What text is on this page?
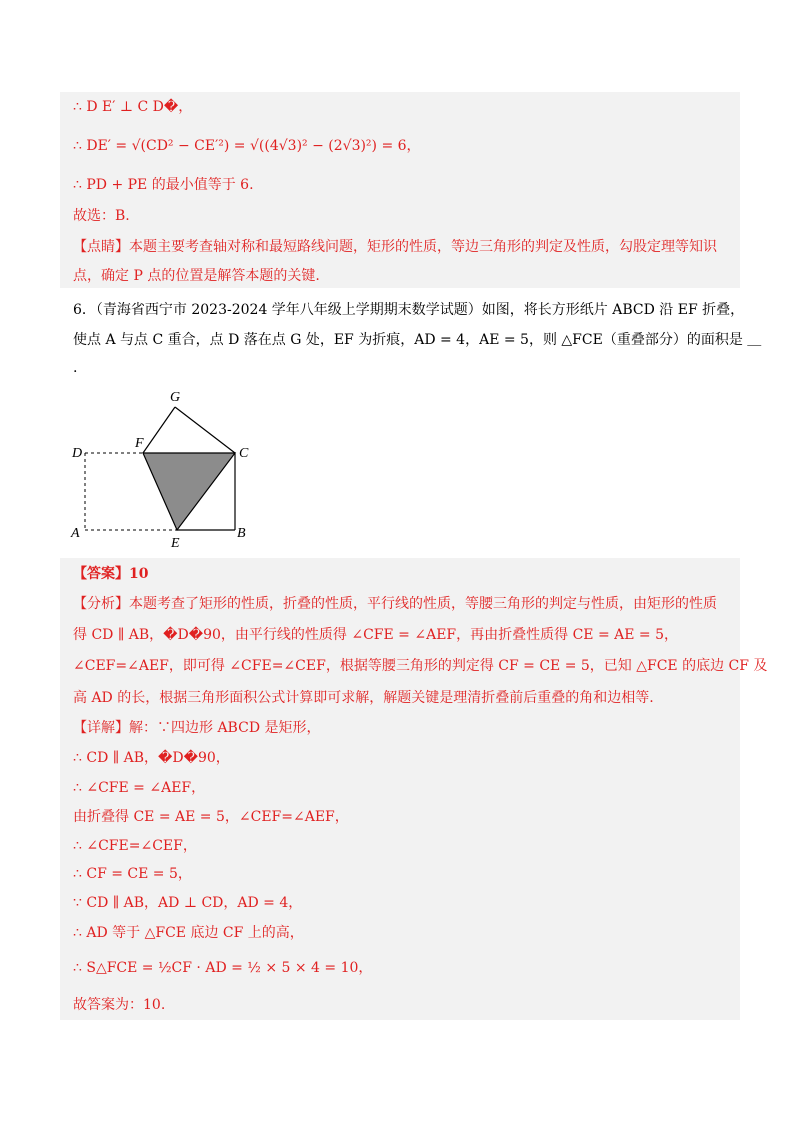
∴ D E′ ⊥ C D�，
∴ DE′ = √(CD² − CE′²) = √((4√3)² − (2√3)²) = 6，
∴ PD + PE 的最小值等于 6.
故选：B.
【点睛】本题主要考查轴对称和最短路线问题，矩形的性质，等边三角形的判定及性质，勾股定理等知识
点，确定 P 点的位置是解答本题的关键.
6．（青海省西宁市 2023-2024 学年八年级上学期期末数学试题）如图，将长方形纸片 ABCD 沿 EF 折叠，
使点 A 与点 C 重合，点 D 落在点 G 处，EF 为折痕，AD = 4，AE = 5，则 △FCE（重叠部分）的面积是 ＿
.
G
D
F
C
A
E
B
【答案】10
【分析】本题考查了矩形的性质，折叠的性质，平行线的性质，等腰三角形的判定与性质，由矩形的性质
得 CD ∥ AB，�D�90，由平行线的性质得 ∠CFE = ∠AEF，再由折叠性质得 CE = AE = 5，
∠CEF=∠AEF，即可得 ∠CFE=∠CEF，根据等腰三角形的判定得 CF = CE = 5，已知 △FCE 的底边 CF 及
高 AD 的长，根据三角形面积公式计算即可求解，解题关键是理清折叠前后重叠的角和边相等.
【详解】解：∵四边形 ABCD 是矩形，
∴ CD ∥ AB，�D�90，
∴ ∠CFE = ∠AEF，
由折叠得 CE = AE = 5，∠CEF=∠AEF，
∴ ∠CFE=∠CEF，
∴ CF = CE = 5，
∵ CD ∥ AB，AD ⊥ CD，AD = 4，
∴ AD 等于 △FCE 底边 CF 上的高，
∴ S△FCE = ½CF · AD = ½ × 5 × 4 = 10，
故答案为：10.
